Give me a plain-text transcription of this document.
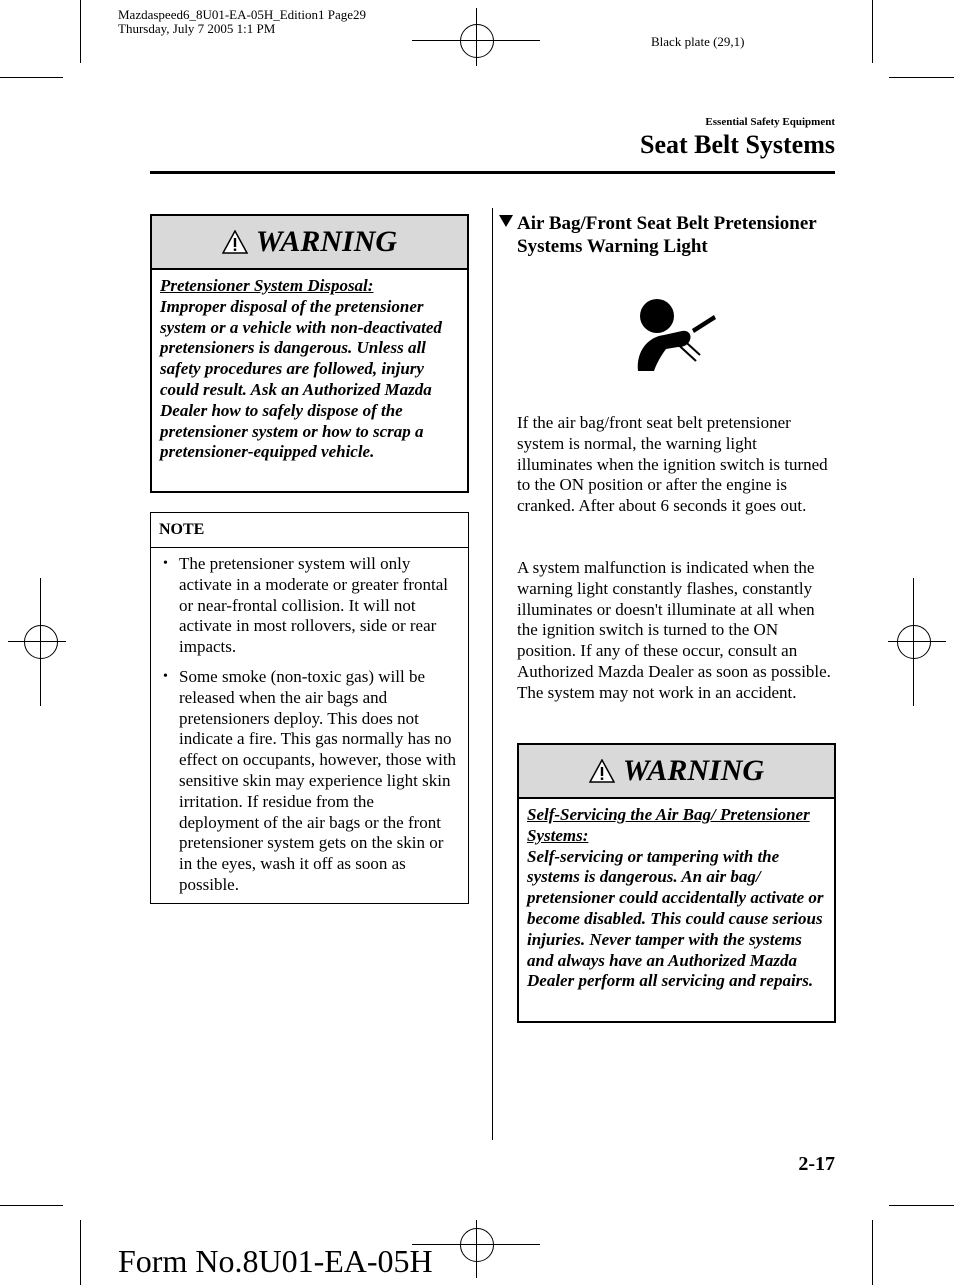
Mazdaspeed6_8U01-EA-05H_Edition1 Page29
Thursday, July 7 2005 1:1 PM
Black plate (29,1)
Essential Safety Equipment
Seat Belt Systems
WARNING
Pretensioner System Disposal:
Improper disposal of the pretensioner system or a vehicle with non-deactivated pretensioners is dangerous. Unless all safety procedures are followed, injury could result. Ask an Authorized Mazda Dealer how to safely dispose of the pretensioner system or how to scrap a pretensioner-equipped vehicle.
NOTE
• The pretensioner system will only activate in a moderate or greater frontal or near-frontal collision. It will not activate in most rollovers, side or rear impacts.
• Some smoke (non-toxic gas) will be released when the air bags and pretensioners deploy. This does not indicate a fire. This gas normally has no effect on occupants, however, those with sensitive skin may experience light skin irritation. If residue from the deployment of the air bags or the front pretensioner system gets on the skin or in the eyes, wash it off as soon as possible.
Air Bag/Front Seat Belt Pretensioner Systems Warning Light
If the air bag/front seat belt pretensioner system is normal, the warning light illuminates when the ignition switch is turned to the ON position or after the engine is cranked. After about 6 seconds it goes out.
A system malfunction is indicated when the warning light constantly flashes, constantly illuminates or doesn't illuminate at all when the ignition switch is turned to the ON position. If any of these occur, consult an Authorized Mazda Dealer as soon as possible. The system may not work in an accident.
WARNING
Self-Servicing the Air Bag/ Pretensioner Systems:
Self-servicing or tampering with the systems is dangerous. An air bag/ pretensioner could accidentally activate or become disabled. This could cause serious injuries. Never tamper with the systems and always have an Authorized Mazda Dealer perform all servicing and repairs.
2-17
Form No.8U01-EA-05H
